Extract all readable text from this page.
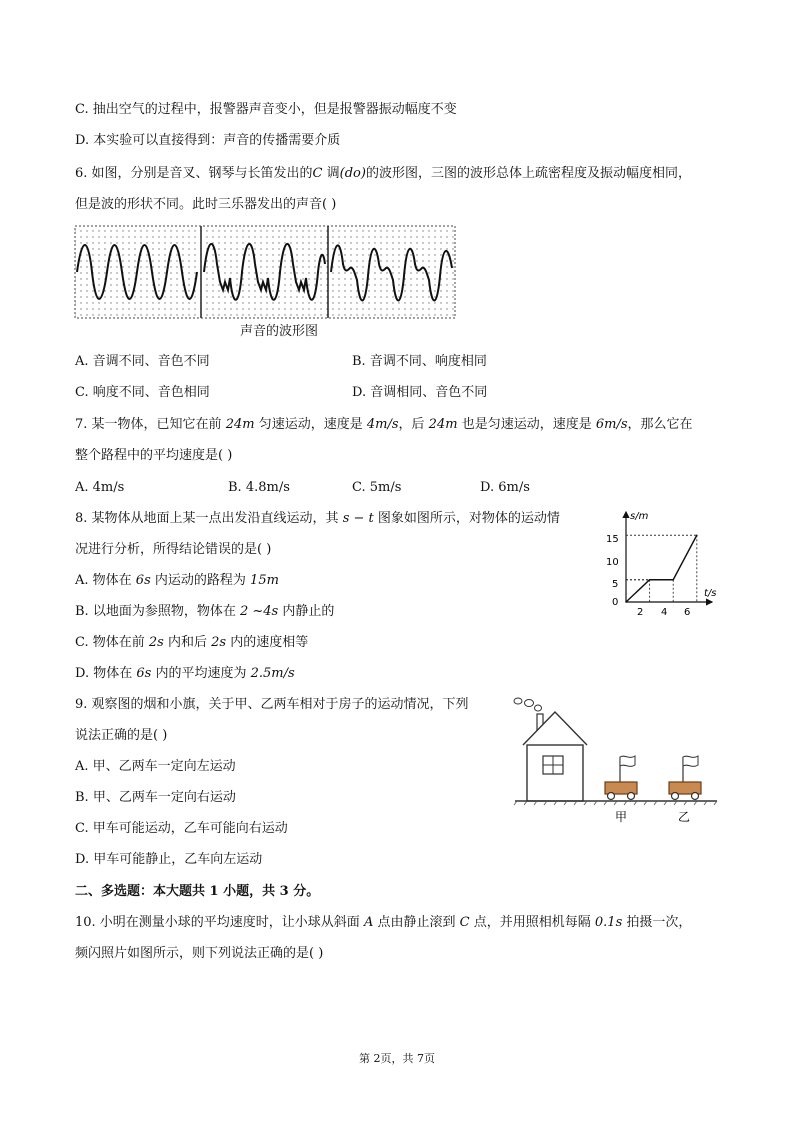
C. 抽出空气的过程中，报警器声音变小，但是报警器振动幅度不变
D. 本实验可以直接得到：声音的传播需要介质
6. 如图，分别是音叉、钢琴与长笛发出的C 调(do)的波形图，三图的波形总体上疏密程度及振动幅度相同，
但是波的形状不同。此时三乐器发出的声音( )
声音的波形图
A. 音调不同、音色不同	B. 音调不同、响度相同
C. 响度不同、音色相同	D. 音调相同、音色不同
7. 某一物体，已知它在前 24m 匀速运动，速度是 4m/s，后 24m 也是匀速运动，速度是 6m/s，那么它在
整个路程中的平均速度是( )
A. 4m/s	B. 4.8m/s	C. 5m/s	D. 6m/s
8. 某物体从地面上某一点出发沿直线运动，其 s − t 图象如图所示，对物体的运动情
况进行分析，所得结论错误的是( )
A. 物体在 6s 内运动的路程为 15m
B. 以地面为参照物，物体在 2 ~4s 内静止的
C. 物体在前 2s 内和后 2s 内的速度相等
D. 物体在 6s 内的平均速度为 2.5m/s
s/m
t/s
15
10
5
0
2 4 6
9. 观察图的烟和小旗，关于甲、乙两车相对于房子的运动情况，下列
说法正确的是( )
A. 甲、乙两车一定向左运动
B. 甲、乙两车一定向右运动
C. 甲车可能运动，乙车可能向右运动
D. 甲车可能静止，乙车向左运动
甲	乙
二、多选题：本大题共 1 小题，共 3 分。
10. 小明在测量小球的平均速度时，让小球从斜面 A 点由静止滚到 C 点，并用照相机每隔 0.1s 拍摄一次，
频闪照片如图所示，则下列说法正确的是( )
第 2页，共 7页
